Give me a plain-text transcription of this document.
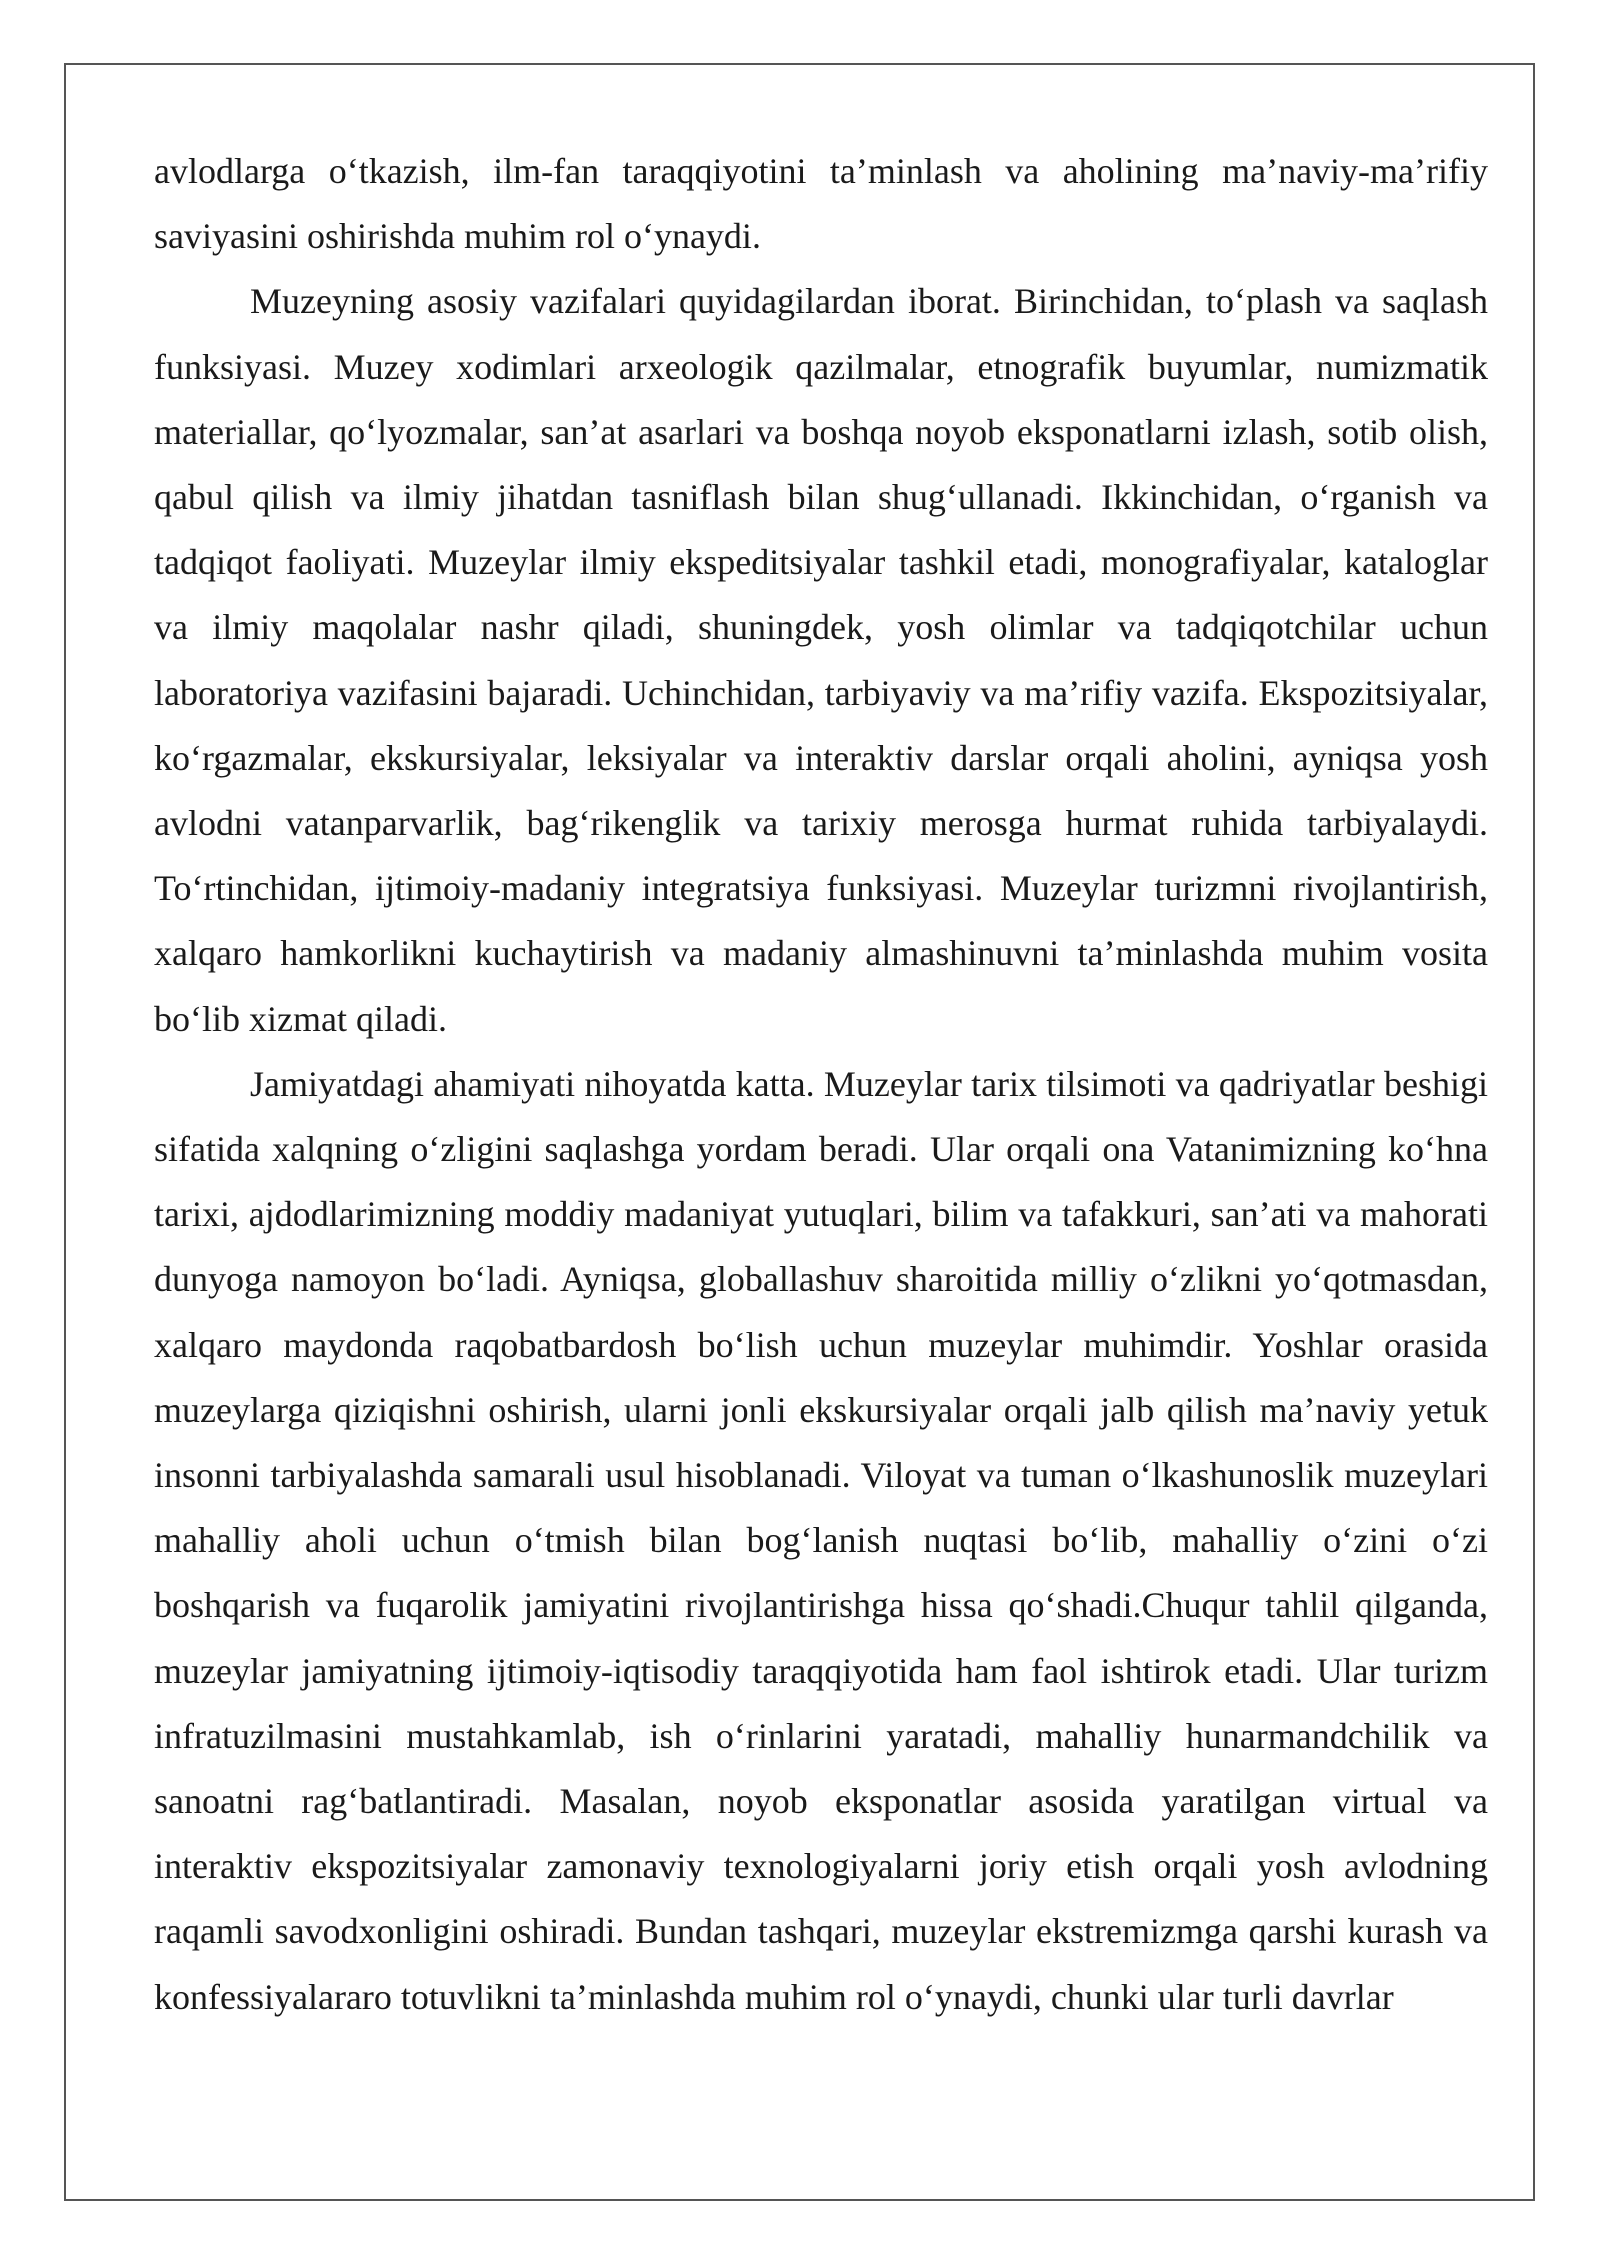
avlodlarga o‘tkazish, ilm-fan taraqqiyotini ta’minlash va aholining ma’naviy-ma’rifiy saviyasini oshirishda muhim rol o‘ynaydi.

Muzeyning asosiy vazifalari quyidagilardan iborat. Birinchidan, to‘plash va saqlash funksiyasi. Muzey xodimlari arxeologik qazilmalar, etnografik buyumlar, numizmatik materiallar, qo‘lyozmalar, san’at asarlari va boshqa noyob eksponatlarni izlash, sotib olish, qabul qilish va ilmiy jihatdan tasniflash bilan shug‘ullanadi. Ikkinchidan, o‘rganish va tadqiqot faoliyati. Muzeylar ilmiy ekspeditsiyalar tashkil etadi, monografiyalar, kataloglar va ilmiy maqolalar nashr qiladi, shuningdek, yosh olimlar va tadqiqotchilar uchun laboratoriya vazifasini bajaradi. Uchinchidan, tarbiyaviy va ma’rifiy vazifa. Ekspozitsiyalar, ko‘rgazmalar, ekskursiyalar, leksiyalar va interaktiv darslar orqali aholini, ayniqsa yosh avlodni vatanparvarlik, bag‘rikenglik va tarixiy merosga hurmat ruhida tarbiyalaydi. To‘rtinchidan, ijtimoiy-madaniy integratsiya funksiyasi. Muzeylar turizmni rivojlantirish, xalqaro hamkorlikni kuchaytirish va madaniy almashinuvni ta’minlashda muhim vosita bo‘lib xizmat qiladi.

Jamiyatdagi ahamiyati nihoyatda katta. Muzeylar tarix tilsimoti va qadriyatlar beshigi sifatida xalqning o‘zligini saqlashga yordam beradi. Ular orqali ona Vatanimizning ko‘hna tarixi, ajdodlarimizning moddiy madaniyat yutuqlari, bilim va tafakkuri, san’ati va mahorati dunyoga namoyon bo‘ladi. Ayniqsa, globallashuv sharoitida milliy o‘zlikni yo‘qotmasdan, xalqaro maydonda raqobatbardosh bo‘lish uchun muzeylar muhimdir. Yoshlar orasida muzeylarga qiziqishni oshirish, ularni jonli ekskursiyalar orqali jalb qilish ma’naviy yetuk insonni tarbiyalashda samarali usul hisoblanadi. Viloyat va tuman o‘lkashunoslik muzeylari mahalliy aholi uchun o‘tmish bilan bog‘lanish nuqtasi bo‘lib, mahalliy o‘zini o‘zi boshqarish va fuqarolik jamiyatini rivojlantirishga hissa qo‘shadi.Chuqur tahlil qilganda, muzeylar jamiyatning ijtimoiy-iqtisodiy taraqqiyotida ham faol ishtirok etadi. Ular turizm infratuzilmasini mustahkamlab, ish o‘rinlarini yaratadi, mahalliy hunarmandchilik va sanoatni rag‘batlantiradi. Masalan, noyob eksponatlar asosida yaratilgan virtual va interaktiv ekspozitsiyalar zamonaviy texnologiyalarni joriy etish orqali yosh avlodning raqamli savodxonligini oshiradi. Bundan tashqari, muzeylar ekstremizmga qarshi kurash va konfessiyalararo totuvlikni ta’minlashda muhim rol o‘ynaydi, chunki ular turli davrlar
